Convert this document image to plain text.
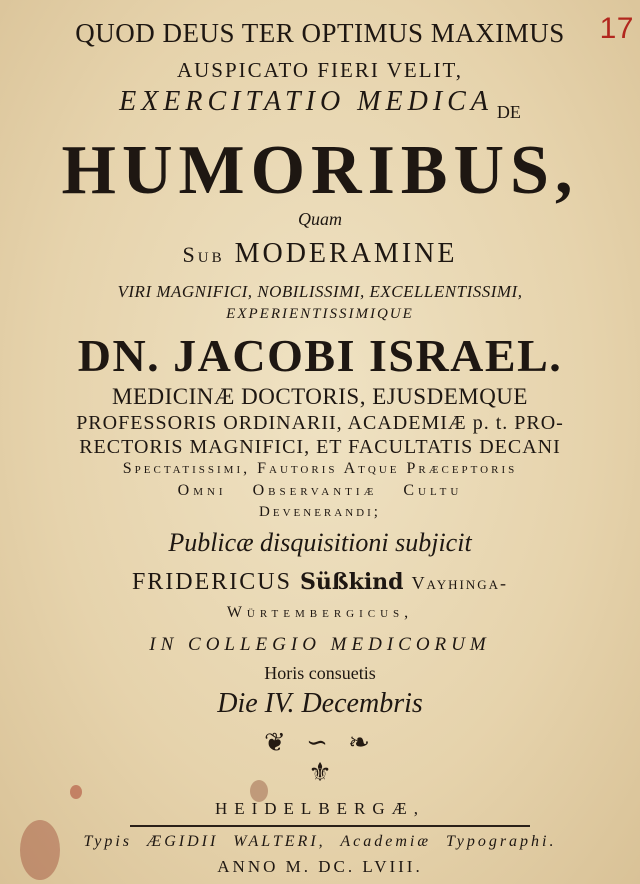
QUOD DEUS TER OPTIMUS MAXIMUS 17
AUSPICATO FIERI VELIT,
EXERCITATIO MEDICA $_{DE}$
HUMORIBUS,
Quam
Sub MODERAMINE
VIRI MAGNIFICI, NOBILISSIMI, EXCELLENTISSIMI,
EXPERIENTISSIMIQUE
DN. JACOBI ISRAEL.
MEDICINÆ DOCTORIS, EJUSDEMQUE
PROFESSORIS ORDINARII, ACADEMIÆ p. t. PRO-
RECTORIS MAGNIFICI, ET FACULTATIS DECANI
Spectatissimi, Fautoris Atque Præceptoris
Omni Observantiæ Cultu
Devenerandi;
Publicæ disquisitioni subjicit
FRIDERICUS Süßkind Vayhinga-
Würtembergicus,
IN COLLEGIO MEDICORUM
Horis consuetis
Die IV. Decembris
❦ ∽ ❧
⚜
HEIDELBERGÆ,
Typis ÆGIDII WALTERI, Academiæ Typographi.
ANNO M. DC. LVIII.
